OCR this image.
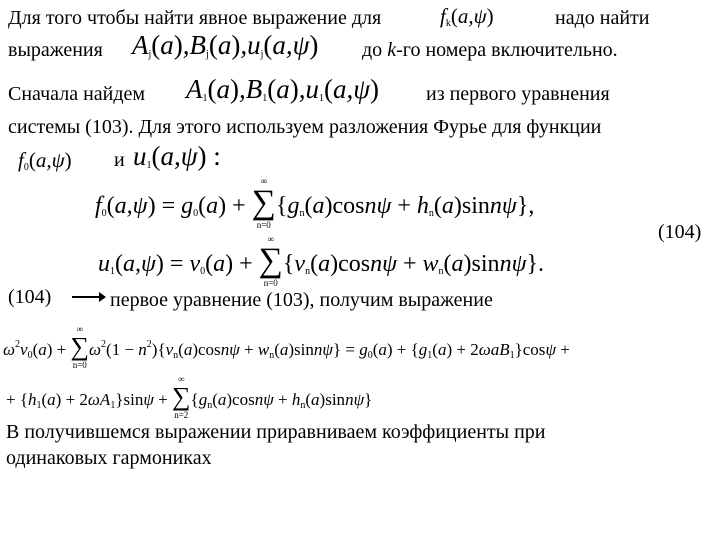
Для того чтобы найти явное выражение для	$f_k(a,\psi)$	надо найти
выражения $A_j(a),B_j(a),u_j(a,\psi)$ до k-го номера включительно.
Сначала найдем $A_1(a),B_1(a),u_1(a,\psi)$ из первого уравнения
системы (103). Для этого используем разложения Фурье для функции
$f_0(a,\psi)$ и $u_1(a,\psi)$ :
$f_0(a,\psi) = g_0(a)$ +
∞
∑
n=0
$\{g_n(a)\cos n\psi + h_n(a)\sin n\psi\}$,
(104)
$u_1(a,\psi) = v_0(a)$ +
∞
∑
n=0
$\{v_n(a)\cos n\psi + w_n(a)\sin n\psi\}$.
(104)	первое уравнение (103), получим выражение
$\omega^2v_0(a)$ +
∞
∑
n=0
$\omega^2(1 - n^2)\{v_n(a)\cos n\psi + w_n(a)\sin n\psi\} = g_0(a) + \{g_1(a) + 2\omega aB_1\}\cos\psi$ +
+ $\{h_1(a) + 2\omega A_1\}\sin\psi$ +
∞
∑
n=2
$\{g_n(a)\cos n\psi + h_n(a)\sin n\psi\}$
В получившемся выражении приравниваем коэффициенты при
одинаковых гармониках
